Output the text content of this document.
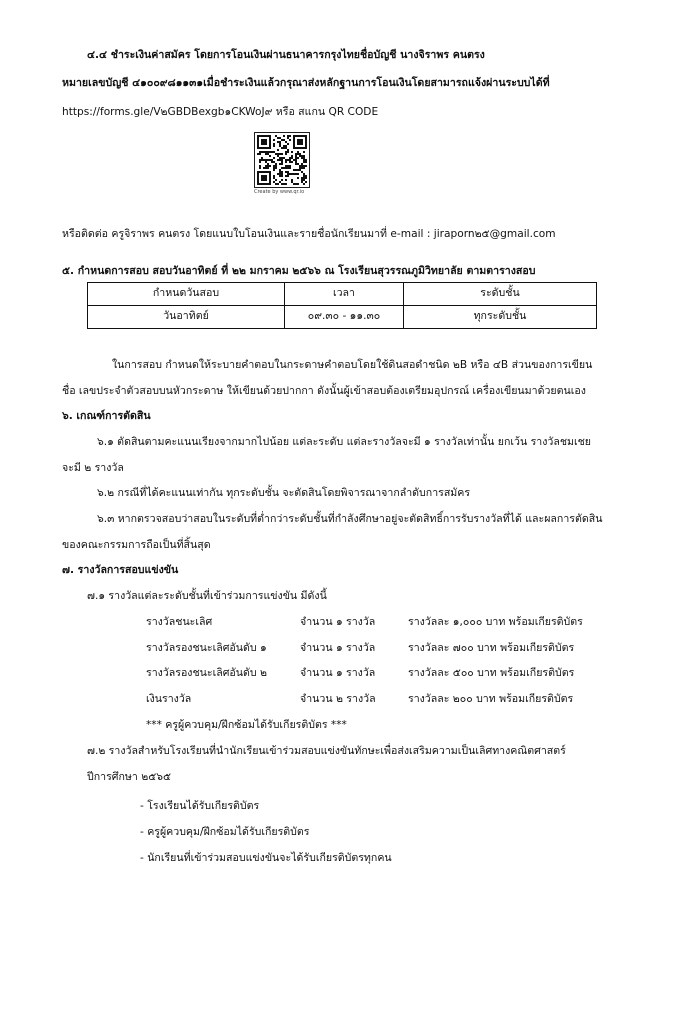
๔.๔ ชำระเงินค่าสมัคร โดยการโอนเงินผ่านธนาคารกรุงไทยชื่อบัญชี นางจิราพร คนตรง
หมายเลขบัญชี ๔๑๐๐๙๘๑๑๓๑เมื่อชำระเงินแล้วกรุณาส่งหลักฐานการโอนเงินโดยสามารถแจ้งผ่านระบบได้ที่
https://forms.gle/V๒GBDBexgb๑CKWoJ๙ หรือ สแกน QR CODE
Create by www.qr.io
หรือติดต่อ ครูจิราพร คนตรง โดยแนบใบโอนเงินและรายชื่อนักเรียนมาที่ e-mail : jiraporn๒๕@gmail.com
๕. กำหนดการสอบ สอบวันอาทิตย์ ที่ ๒๒ มกราคม ๒๕๖๖ ณ โรงเรียนสุวรรณภูมิวิทยาลัย ตามตารางสอบ
กำหนดวันสอบ	เวลา	ระดับชั้น
วันอาทิตย์	๐๙.๓๐ - ๑๑.๓๐	ทุกระดับชั้น
ในการสอบ กำหนดให้ระบายคำตอบในกระดาษคำตอบโดยใช้ดินสอดำชนิด ๒B หรือ ๔B ส่วนของการเขียน
ชื่อ เลขประจำตัวสอบบนหัวกระดาษ ให้เขียนด้วยปากกา ดังนั้นผู้เข้าสอบต้องเตรียมอุปกรณ์ เครื่องเขียนมาด้วยตนเอง
๖. เกณฑ์การตัดสิน
๖.๑ ตัดสินตามคะแนนเรียงจากมากไปน้อย แต่ละระดับ แต่ละรางวัลจะมี ๑ รางวัลเท่านั้น ยกเว้น รางวัลชมเชย
จะมี ๒ รางวัล
๖.๒ กรณีที่ได้คะแนนเท่ากัน ทุกระดับชั้น จะตัดสินโดยพิจารณาจากลำดับการสมัคร
๖.๓ หากตรวจสอบว่าสอบในระดับที่ต่ำกว่าระดับชั้นที่กำลังศึกษาอยู่จะตัดสิทธิ์การรับรางวัลที่ได้ และผลการตัดสิน
ของคณะกรรมการถือเป็นที่สิ้นสุด
๗. รางวัลการสอบแข่งขัน
๗.๑ รางวัลแต่ละระดับชั้นที่เข้าร่วมการแข่งขัน มีดังนี้
รางวัลชนะเลิศ	จำนวน ๑ รางวัล	รางวัลละ ๑,๐๐๐ บาท พร้อมเกียรติบัตร
รางวัลรองชนะเลิศอันดับ ๑	จำนวน ๑ รางวัล	รางวัลละ ๗๐๐ บาท พร้อมเกียรติบัตร
รางวัลรองชนะเลิศอันดับ ๒	จำนวน ๑ รางวัล	รางวัลละ ๕๐๐ บาท พร้อมเกียรติบัตร
เงินรางวัล	จำนวน ๒ รางวัล	รางวัลละ ๒๐๐ บาท พร้อมเกียรติบัตร
*** ครูผู้ควบคุม/ฝึกซ้อมได้รับเกียรติบัตร ***
๗.๒ รางวัลสำหรับโรงเรียนที่นำนักเรียนเข้าร่วมสอบแข่งขันทักษะเพื่อส่งเสริมความเป็นเลิศทางคณิตศาสตร์
ปีการศึกษา ๒๕๖๕
- โรงเรียนได้รับเกียรติบัตร
- ครูผู้ควบคุม/ฝึกซ้อมได้รับเกียรติบัตร
- นักเรียนที่เข้าร่วมสอบแข่งขันจะได้รับเกียรติบัตรทุกคน
